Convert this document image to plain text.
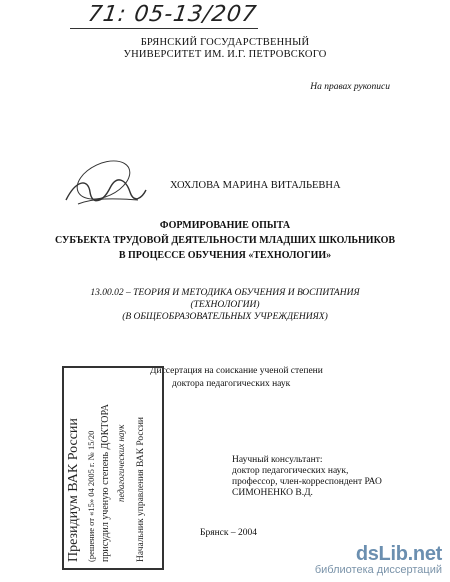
71: 05-13/207
БРЯНСКИЙ ГОСУДАРСТВЕННЫЙ
УНИВЕРСИТЕТ ИМ. И.Г. ПЕТРОВСКОГО
На правах рукописи
ХОХЛОВА МАРИНА ВИТАЛЬЕВНА
ФОРМИРОВАНИЕ ОПЫТА
СУБЪЕКТА ТРУДОВОЙ ДЕЯТЕЛЬНОСТИ МЛАДШИХ ШКОЛЬНИКОВ
В ПРОЦЕССЕ ОБУЧЕНИЯ «ТЕХНОЛОГИИ»
13.00.02 – ТЕОРИЯ И МЕТОДИКА ОБУЧЕНИЯ И ВОСПИТАНИЯ
(ТЕХНОЛОГИИ)
(В ОБЩЕОБРАЗОВАТЕЛЬНЫХ УЧРЕЖДЕНИЯХ)
Диссертация на соискание ученой степени
доктора педагогических наук
Президиум ВАК России (решение от «15» 04 2005 г. № 15/20 присудил ученую степень ДОКТОРА педагогических наук Начальник управления ВАК России	Научный консультант:
доктор педагогических наук,
профессор, член-корреспондент РАО
СИМОНЕНКО В.Д.
Брянск – 2004
dsLib.net
библиотека диссертаций
